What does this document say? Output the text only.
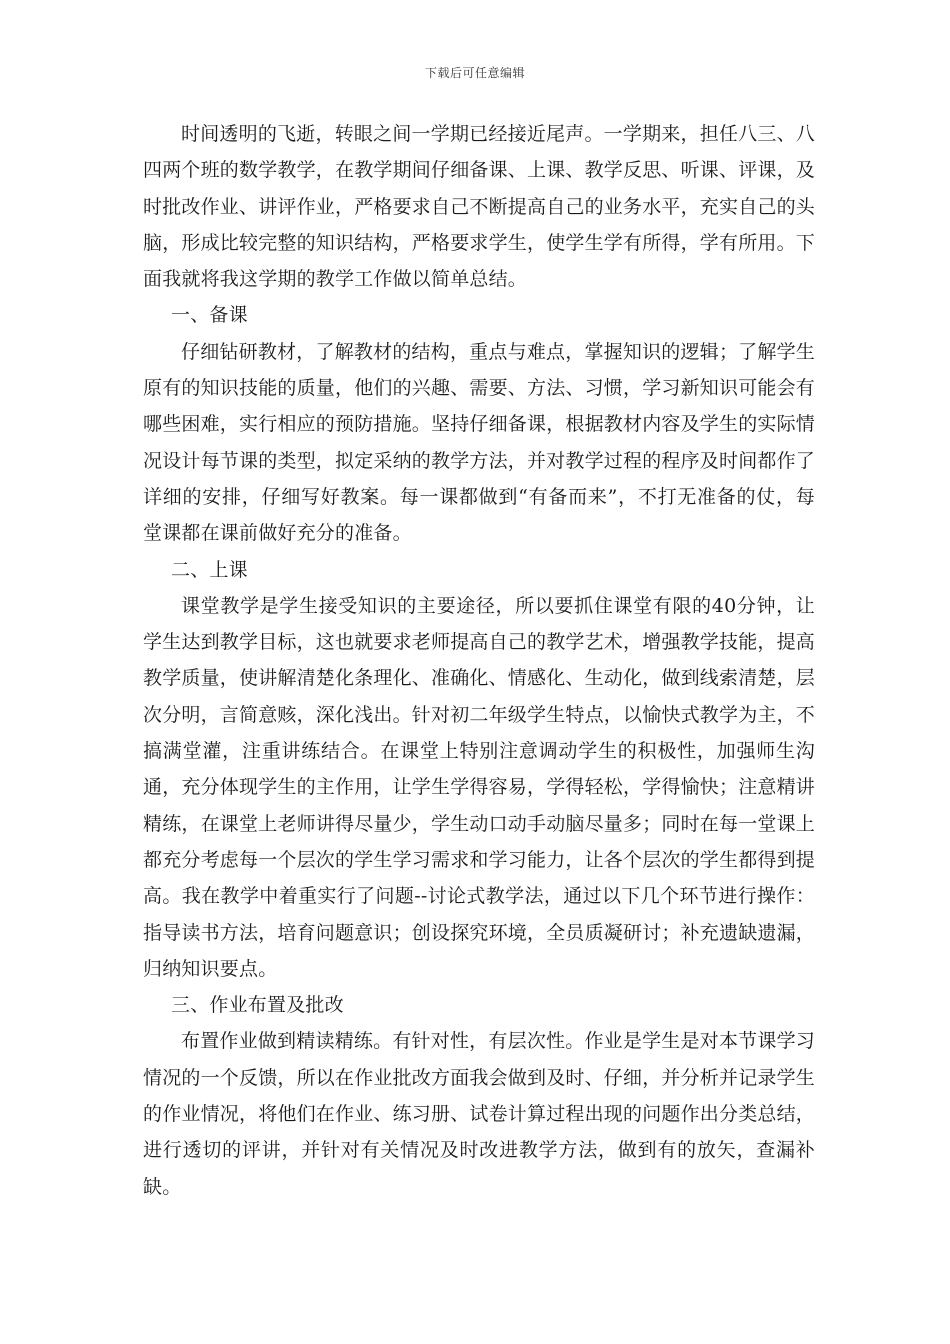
下载后可任意编辑

时间透明的飞逝，转眼之间一学期已经接近尾声。一学期来，担任八三、八四两个班的数学教学，在教学期间仔细备课、上课、教学反思、听课、评课，及时批改作业、讲评作业，严格要求自己不断提高自己的业务水平，充实自己的头脑，形成比较完整的知识结构，严格要求学生，使学生学有所得，学有所用。下面我就将我这学期的教学工作做以简单总结。

一、备课

仔细钻研教材，了解教材的结构，重点与难点，掌握知识的逻辑；了解学生原有的知识技能的质量，他们的兴趣、需要、方法、习惯，学习新知识可能会有哪些困难，实行相应的预防措施。坚持仔细备课，根据教材内容及学生的实际情况设计每节课的类型，拟定采纳的教学方法，并对教学过程的程序及时间都作了详细的安排，仔细写好教案。每一课都做到“有备而来”，不打无准备的仗，每堂课都在课前做好充分的准备。

二、上课

课堂教学是学生接受知识的主要途径，所以要抓住课堂有限的40分钟，让学生达到教学目标，这也就要求老师提高自己的教学艺术，增强教学技能，提高教学质量，使讲解清楚化条理化、准确化、情感化、生动化，做到线索清楚，层次分明，言简意赅，深化浅出。针对初二年级学生特点，以愉快式教学为主，不搞满堂灌，注重讲练结合。在课堂上特别注意调动学生的积极性，加强师生沟通，充分体现学生的主作用，让学生学得容易，学得轻松，学得愉快；注意精讲精练，在课堂上老师讲得尽量少，学生动口动手动脑尽量多；同时在每一堂课上都充分考虑每一个层次的学生学习需求和学习能力，让各个层次的学生都得到提高。我在教学中着重实行了问题--讨论式教学法，通过以下几个环节进行操作：指导读书方法，培育问题意识；创设探究环境，全员质凝研讨；补充遗缺遗漏，归纳知识要点。

三、作业布置及批改

布置作业做到精读精练。有针对性，有层次性。作业是学生是对本节课学习情况的一个反馈，所以在作业批改方面我会做到及时、仔细，并分析并记录学生的作业情况，将他们在作业、练习册、试卷计算过程出现的问题作出分类总结，进行透切的评讲，并针对有关情况及时改进教学方法，做到有的放矢，查漏补缺。
